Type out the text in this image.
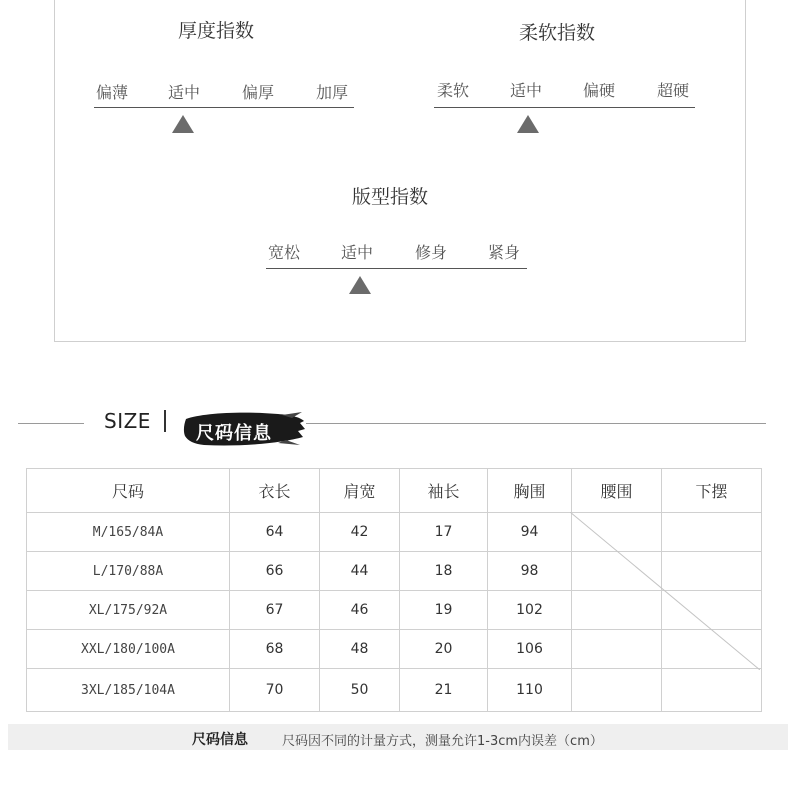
厚度指数
偏薄 适中	偏厚	加厚
柔软指数
柔软	适中	偏硬	超硬
版型指数
宽松	适中	修身	紧身
SIZE
尺码信息
尺码	衣长	肩宽	袖长	胸围	腰围	下摆
M/165/84A	64	42	17	94		
L/170/88A	66	44	18	98		
XL/175/92A	67	46	19	102		
XXL/180/100A	68	48	20	106		
3XL/185/104A	70	50	21	110		
尺码信息	尺码因不同的计量方式，测量允许1-3cm内误差（cm）
